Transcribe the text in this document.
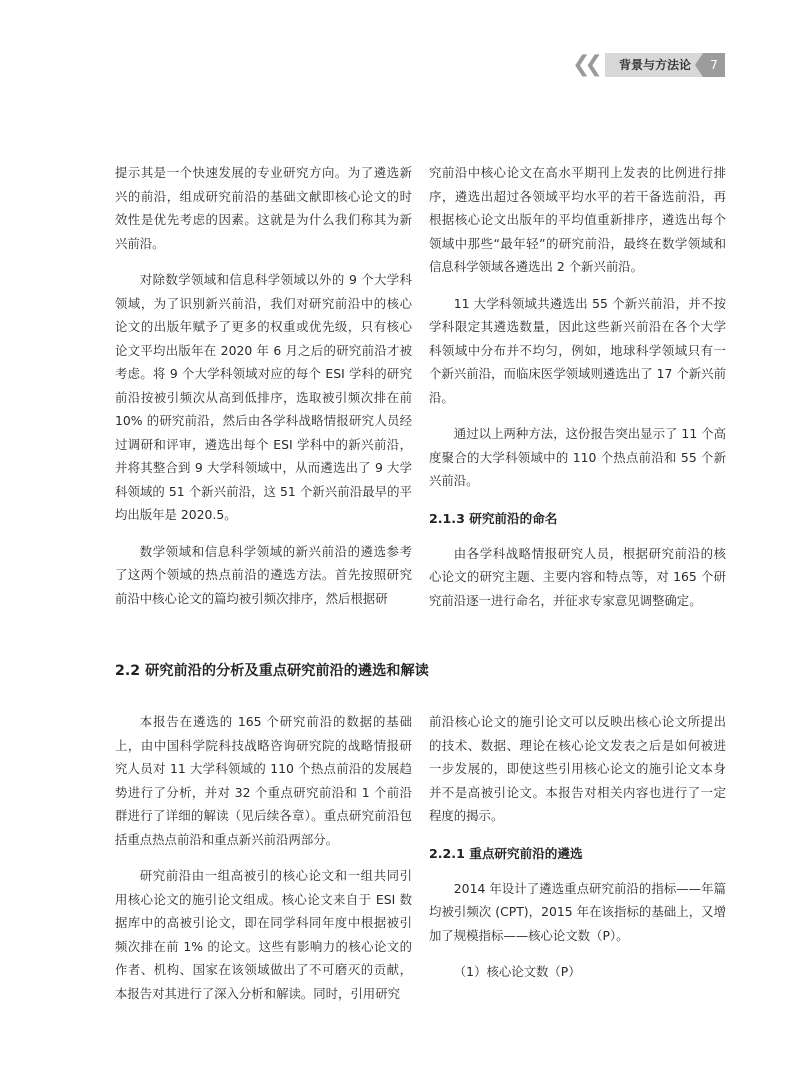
❮❮	背景与方法论	7

提示其是一个快速发展的专业研究方向。为了遴选新兴的前沿，组成研究前沿的基础文献即核心论文的时效性是优先考虑的因素。这就是为什么我们称其为新兴前沿。

对除数学领域和信息科学领域以外的 9 个大学科领域，为了识别新兴前沿，我们对研究前沿中的核心论文的出版年赋予了更多的权重或优先级，只有核心论文平均出版年在 2020 年 6 月之后的研究前沿才被考虑。将 9 个大学科领域对应的每个 ESI 学科的研究前沿按被引频次从高到低排序，选取被引频次排在前 10% 的研究前沿，然后由各学科战略情报研究人员经过调研和评审，遴选出每个 ESI 学科中的新兴前沿，并将其整合到 9 大学科领域中，从而遴选出了 9 大学科领域的 51 个新兴前沿，这 51 个新兴前沿最早的平均出版年是 2020.5。

数学领域和信息科学领域的新兴前沿的遴选参考了这两个领域的热点前沿的遴选方法。首先按照研究前沿中核心论文的篇均被引频次排序，然后根据研

究前沿中核心论文在高水平期刊上发表的比例进行排序，遴选出超过各领域平均水平的若干备选前沿，再根据核心论文出版年的平均值重新排序，遴选出每个领域中那些“最年轻”的研究前沿，最终在数学领域和信息科学领域各遴选出 2 个新兴前沿。

11 大学科领域共遴选出 55 个新兴前沿，并不按学科限定其遴选数量，因此这些新兴前沿在各个大学科领域中分布并不均匀，例如，地球科学领域只有一个新兴前沿，而临床医学领域则遴选出了 17 个新兴前沿。

通过以上两种方法，这份报告突出显示了 11 个高度聚合的大学科领域中的 110 个热点前沿和 55 个新兴前沿。

2.1.3 研究前沿的命名

由各学科战略情报研究人员，根据研究前沿的核心论文的研究主题、主要内容和特点等，对 165 个研究前沿逐一进行命名，并征求专家意见调整确定。

2.2 研究前沿的分析及重点研究前沿的遴选和解读

本报告在遴选的 165 个研究前沿的数据的基础上，由中国科学院科技战略咨询研究院的战略情报研究人员对 11 大学科领域的 110 个热点前沿的发展趋势进行了分析，并对 32 个重点研究前沿和 1 个前沿群进行了详细的解读（见后续各章）。重点研究前沿包括重点热点前沿和重点新兴前沿两部分。

研究前沿由一组高被引的核心论文和一组共同引用核心论文的施引论文组成。核心论文来自于 ESI 数据库中的高被引论文，即在同学科同年度中根据被引频次排在前 1% 的论文。这些有影响力的核心论文的作者、机构、国家在该领域做出了不可磨灭的贡献，本报告对其进行了深入分析和解读。同时，引用研究

前沿核心论文的施引论文可以反映出核心论文所提出的技术、数据、理论在核心论文发表之后是如何被进一步发展的，即使这些引用核心论文的施引论文本身并不是高被引论文。本报告对相关内容也进行了一定程度的揭示。

2.2.1 重点研究前沿的遴选

2014 年设计了遴选重点研究前沿的指标——年篇均被引频次 (CPT)，2015 年在该指标的基础上，又增加了规模指标——核心论文数（P）。

（1）核心论文数（P）
